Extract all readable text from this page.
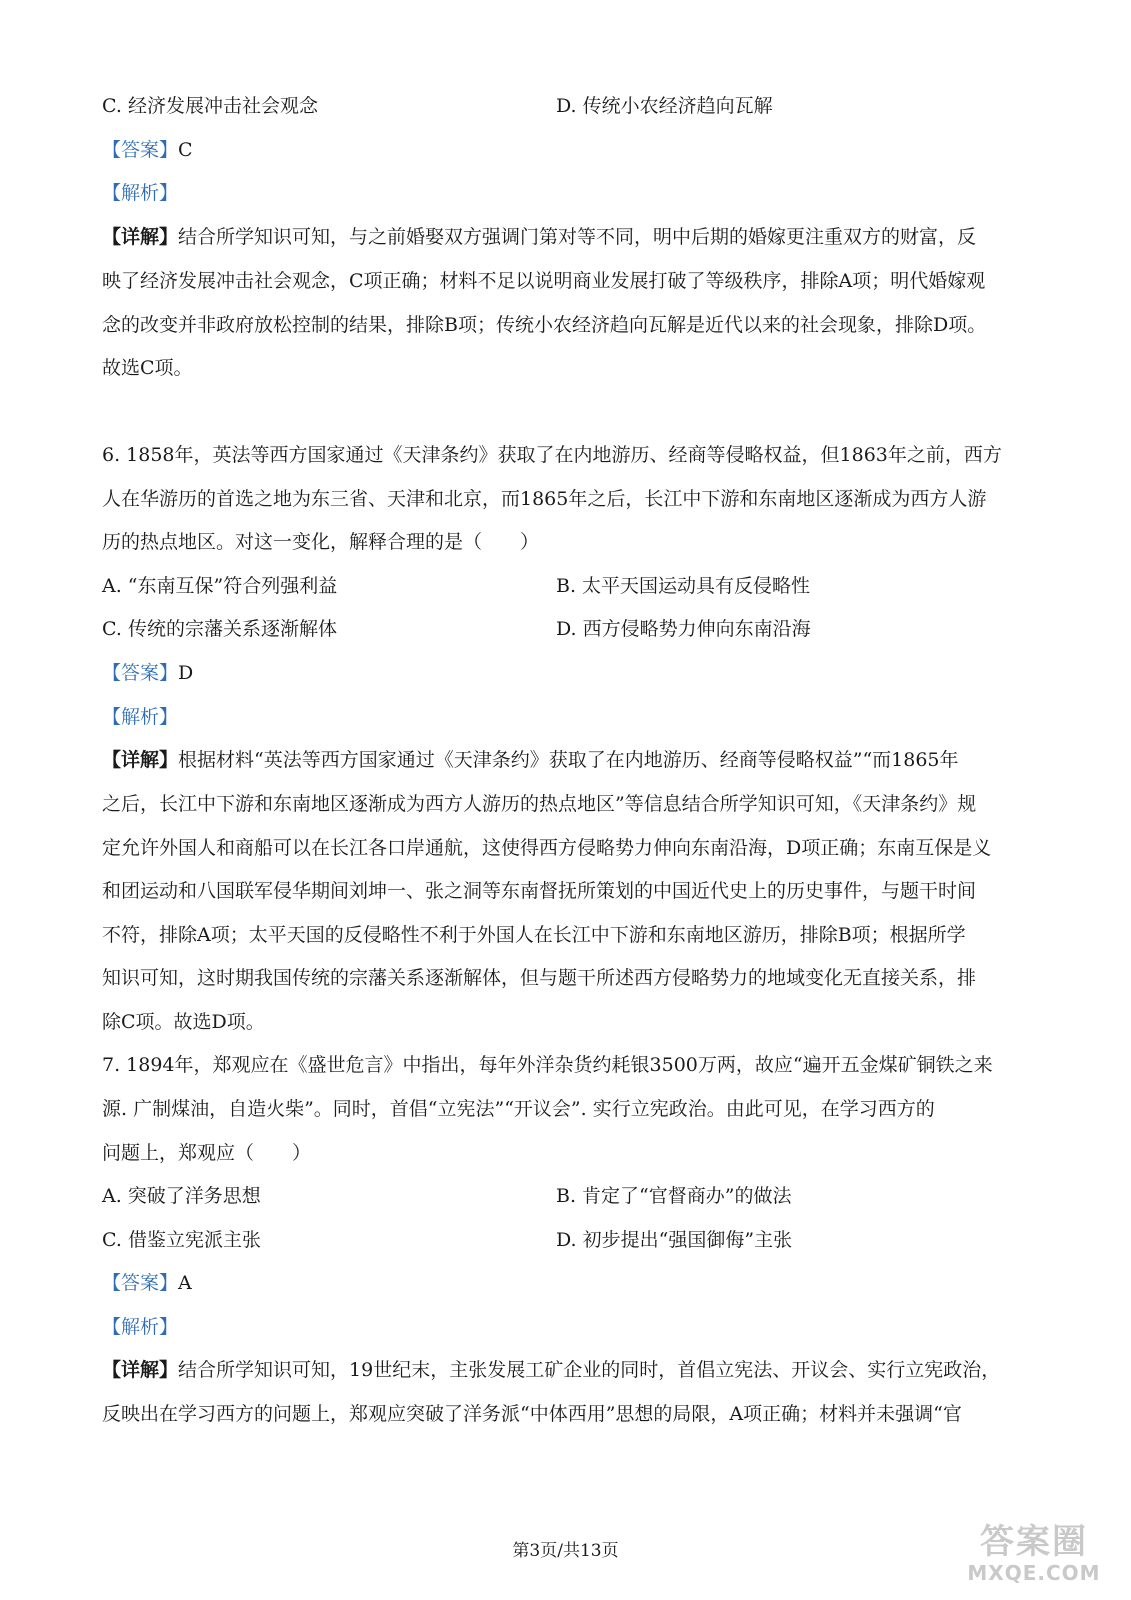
C. 经济发展冲击社会观念	D. 传统小农经济趋向瓦解
【答案】C
【解析】
【详解】结合所学知识可知，与之前婚娶双方强调门第对等不同，明中后期的婚嫁更注重双方的财富，反
映了经济发展冲击社会观念，C项正确；材料不足以说明商业发展打破了等级秩序，排除A项；明代婚嫁观
念的改变并非政府放松控制的结果，排除B项；传统小农经济趋向瓦解是近代以来的社会现象，排除D项。
故选C项。
6. 1858年，英法等西方国家通过《天津条约》获取了在内地游历、经商等侵略权益，但1863年之前，西方
人在华游历的首选之地为东三省、天津和北京，而1865年之后，长江中下游和东南地区逐渐成为西方人游
历的热点地区。对这一变化，解释合理的是（　　）
A. “东南互保”符合列强利益	B. 太平天国运动具有反侵略性
C. 传统的宗藩关系逐渐解体	D. 西方侵略势力伸向东南沿海
【答案】D
【解析】
【详解】根据材料“英法等西方国家通过《天津条约》获取了在内地游历、经商等侵略权益”“而1865年
之后，长江中下游和东南地区逐渐成为西方人游历的热点地区”等信息结合所学知识可知，《天津条约》规
定允许外国人和商船可以在长江各口岸通航，这使得西方侵略势力伸向东南沿海，D项正确；东南互保是义
和团运动和八国联军侵华期间刘坤一、张之洞等东南督抚所策划的中国近代史上的历史事件，与题干时间
不符，排除A项；太平天国的反侵略性不利于外国人在长江中下游和东南地区游历，排除B项；根据所学
知识可知，这时期我国传统的宗藩关系逐渐解体，但与题干所述西方侵略势力的地域变化无直接关系，排
除C项。故选D项。
7. 1894年，郑观应在《盛世危言》中指出，每年外洋杂货约耗银3500万两，故应“遍开五金煤矿铜铁之来
源. 广制煤油，自造火柴”。同时，首倡“立宪法”“开议会”. 实行立宪政治。由此可见，在学习西方的
问题上，郑观应（　　）
A. 突破了洋务思想	B. 肯定了“官督商办”的做法
C. 借鉴立宪派主张	D. 初步提出“强国御侮”主张
【答案】A
【解析】
【详解】结合所学知识可知，19世纪末，主张发展工矿企业的同时，首倡立宪法、开议会、实行立宪政治，
反映出在学习西方的问题上，郑观应突破了洋务派“中体西用”思想的局限，A项正确；材料并未强调“官
第3页/共13页	答案圈
MXQE.COM
